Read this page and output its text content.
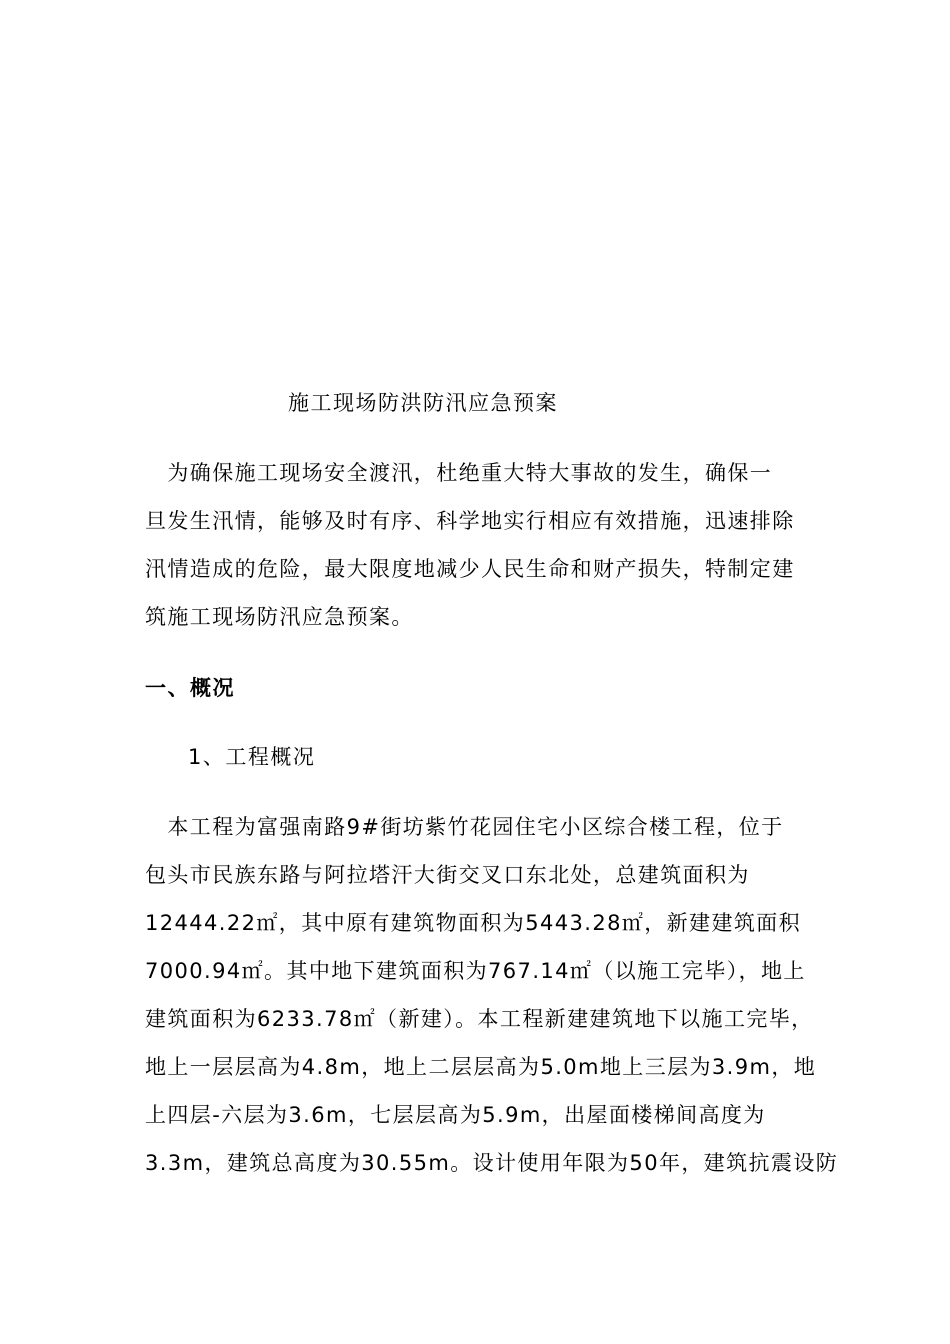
施工现场防洪防汛应急预案
　为确保施工现场安全渡汛，杜绝重大特大事故的发生，确保一
旦发生汛情，能够及时有序、科学地实行相应有效措施，迅速排除
汛情造成的危险，最大限度地减少人民生命和财产损失，特制定建
筑施工现场防汛应急预案。
一、概况
1、工程概况
　本工程为富强南路9#街坊紫竹花园住宅小区综合楼工程，位于
包头市民族东路与阿拉塔汗大街交叉口东北处，总建筑面积为
12444.22㎡，其中原有建筑物面积为5443.28㎡，新建建筑面积
7000.94㎡。其中地下建筑面积为767.14㎡（以施工完毕），地上
建筑面积为6233.78㎡（新建）。本工程新建建筑地下以施工完毕，
地上一层层高为4.8m，地上二层层高为5.0m地上三层为3.9m，地
上四层-六层为3.6m，七层层高为5.9m，出屋面楼梯间高度为
3.3m，建筑总高度为30.55m。设计使用年限为50年，建筑抗震设防
